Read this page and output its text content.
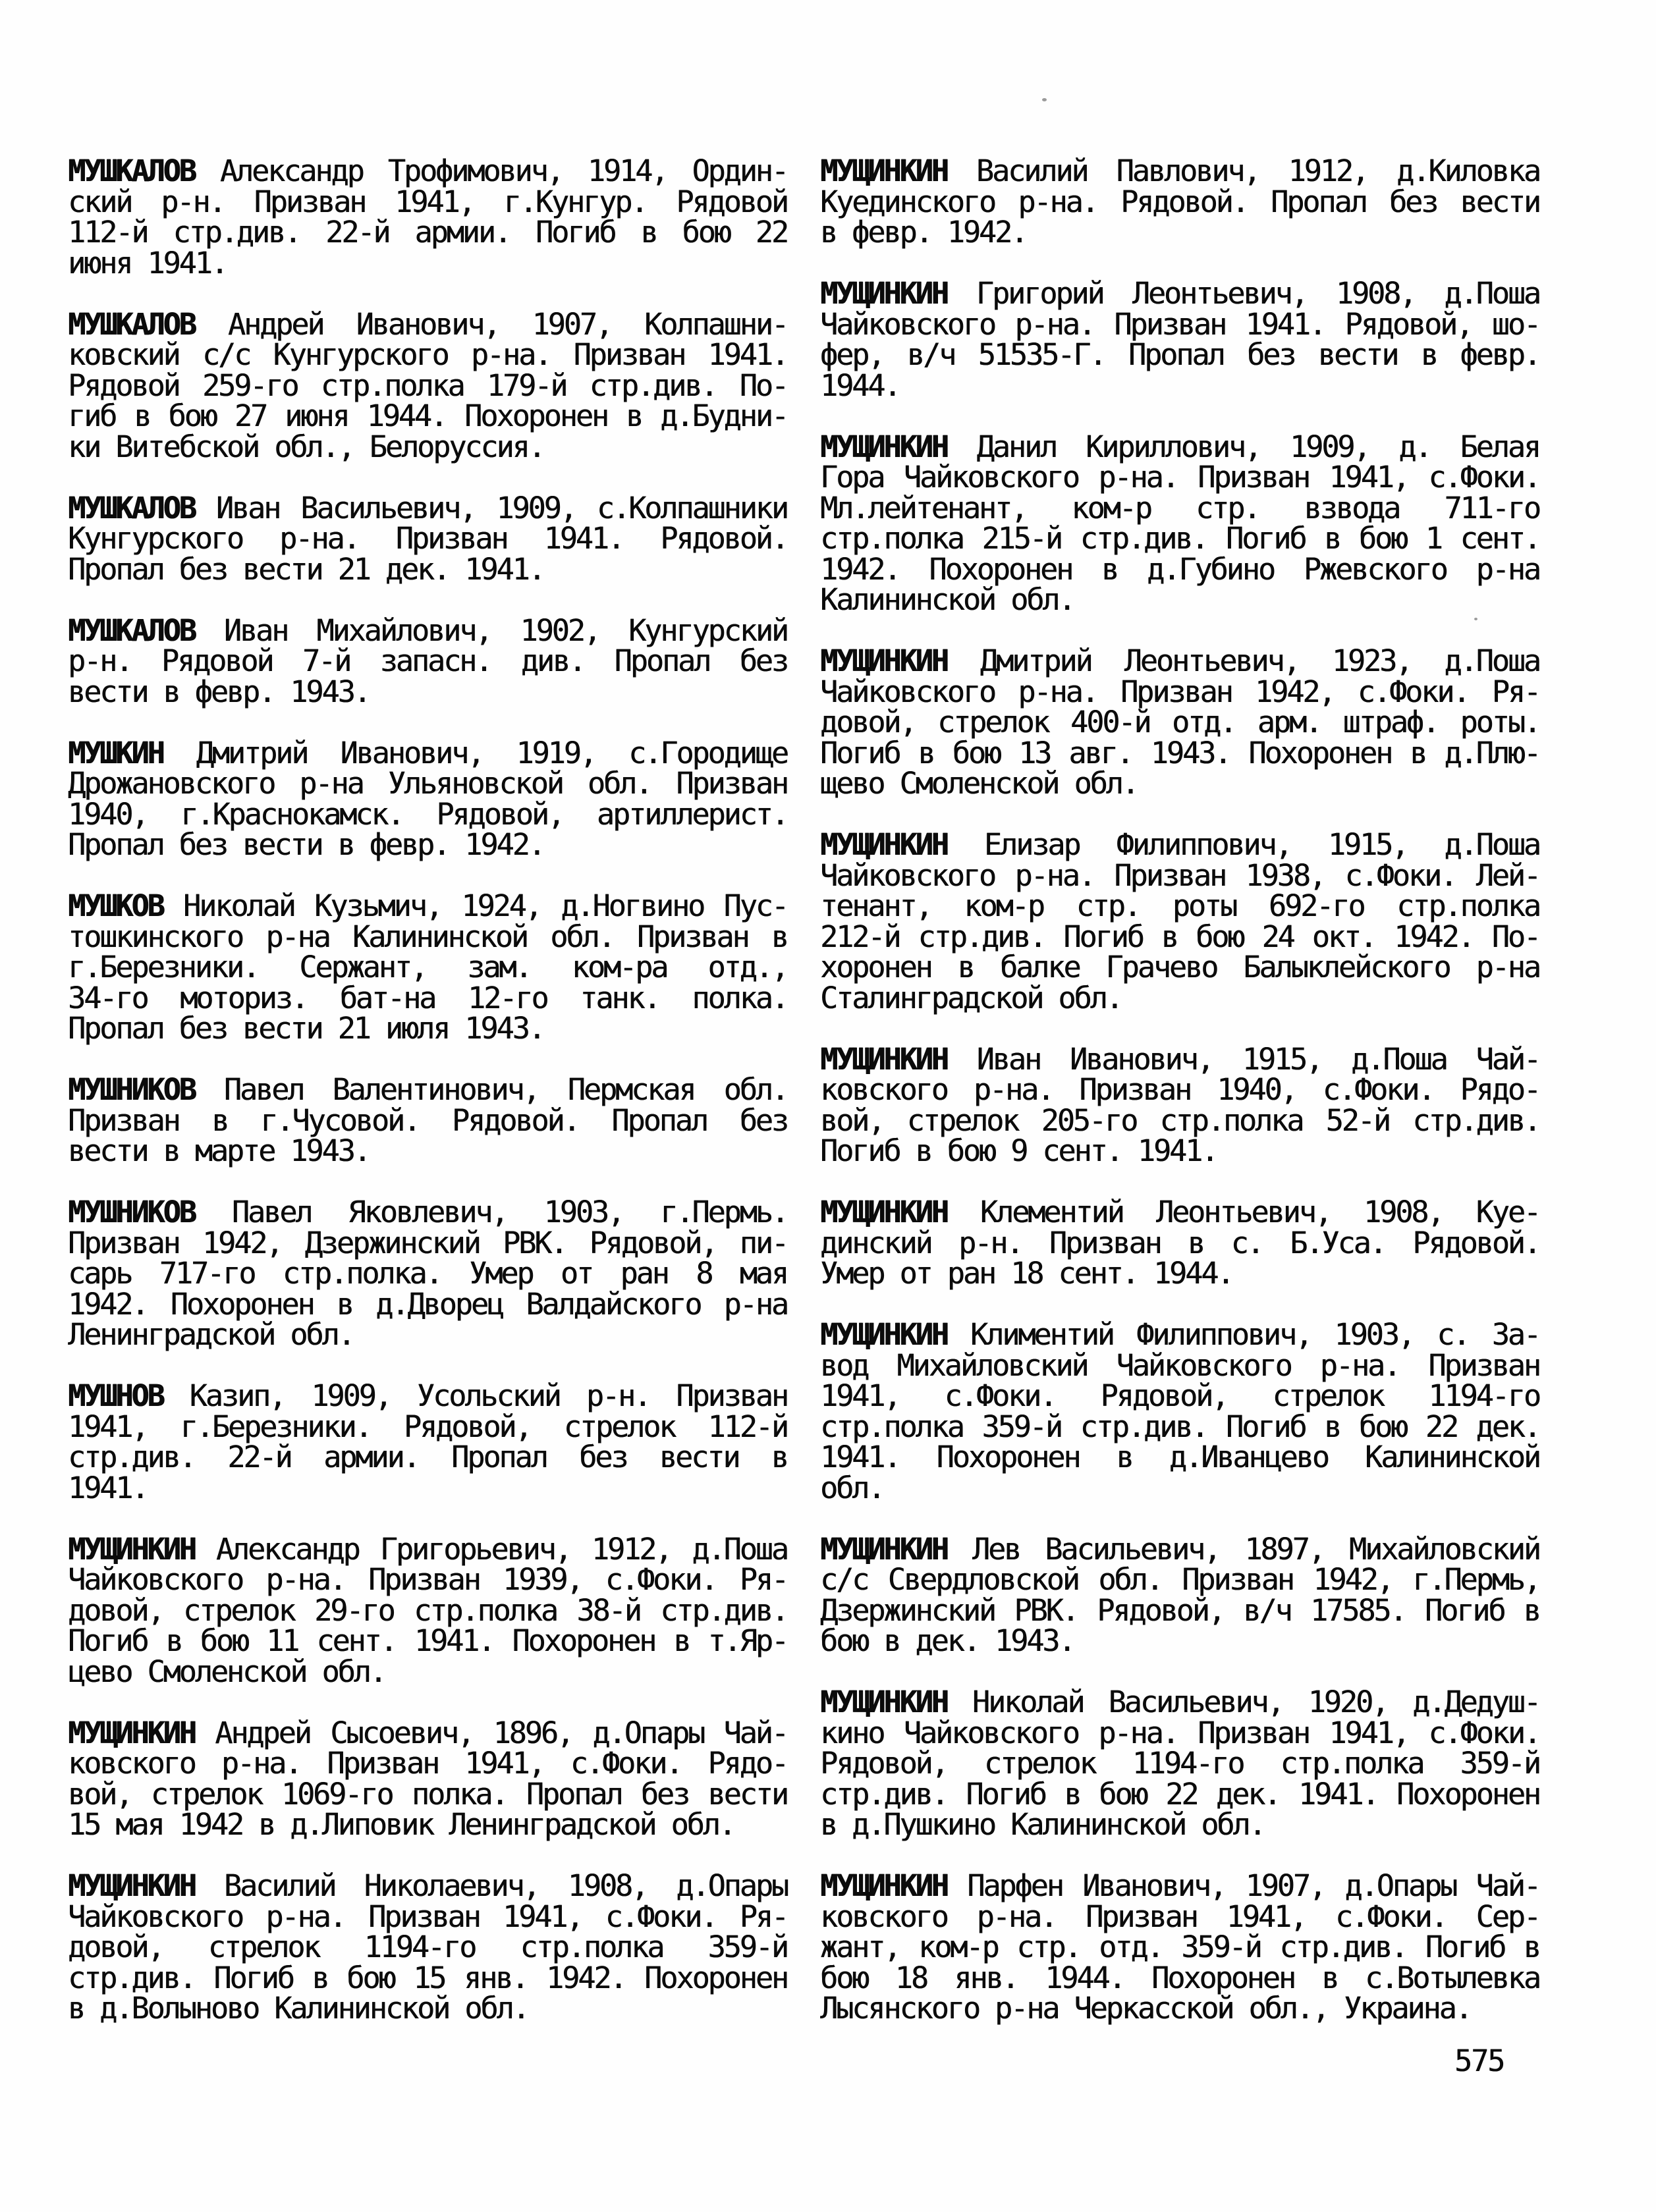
МУШКАЛОВ Александр Трофимович, 1914, Ордин-
ский р-н. Призван 1941, г.Кунгур. Рядовой
112-й стр.див. 22-й армии. Погиб в бою 22
июня 1941.
МУШКАЛОВ Андрей Иванович, 1907, Колпашни-
ковский с/с Кунгурского р-на. Призван 1941.
Рядовой 259-го стр.полка 179-й стр.див. По-
гиб в бою 27 июня 1944. Похоронен в д.Будни-
ки Витебской обл., Белоруссия.
МУШКАЛОВ Иван Васильевич, 1909, с.Колпашники
Кунгурского р-на. Призван 1941. Рядовой.
Пропал без вести 21 дек. 1941.
МУШКАЛОВ Иван Михайлович, 1902, Кунгурский
р-н. Рядовой 7-й запасн. див. Пропал без
вести в февр. 1943.
МУШКИН Дмитрий Иванович, 1919, с.Городище
Дрожановского р-на Ульяновской обл. Призван
1940, г.Краснокамск. Рядовой, артиллерист.
Пропал без вести в февр. 1942.
МУШКОВ Николай Кузьмич, 1924, д.Ногвино Пус-
тошкинского р-на Калининской обл. Призван в
г.Березники. Сержант, зам. ком-ра отд.,
34-го моториз. бат-на 12-го танк. полка.
Пропал без вести 21 июля 1943.
МУШНИКОВ Павел Валентинович, Пермская обл.
Призван в г.Чусовой. Рядовой. Пропал без
вести в марте 1943.
МУШНИКОВ Павел Яковлевич, 1903, г.Пермь.
Призван 1942, Дзержинский РВК. Рядовой, пи-
сарь 717-го стр.полка. Умер от ран 8 мая
1942. Похоронен в д.Дворец Валдайского р-на
Ленинградской обл.
МУШНОВ Казип, 1909, Усольский р-н. Призван
1941, г.Березники. Рядовой, стрелок 112-й
стр.див. 22-й армии. Пропал без вести в
1941.
МУЩИНКИН Александр Григорьевич, 1912, д.Поша
Чайковского р-на. Призван 1939, с.Фоки. Ря-
довой, стрелок 29-го стр.полка 38-й стр.див.
Погиб в бою 11 сент. 1941. Похоронен в т.Яр-
цево Смоленской обл.
МУЩИНКИН Андрей Сысоевич, 1896, д.Опары Чай-
ковского р-на. Призван 1941, с.Фоки. Рядо-
вой, стрелок 1069-го полка. Пропал без вести
15 мая 1942 в д.Липовик Ленинградской обл.
МУЩИНКИН Василий Николаевич, 1908, д.Опары
Чайковского р-на. Призван 1941, с.Фоки. Ря-
довой, стрелок 1194-го стр.полка 359-й
стр.див. Погиб в бою 15 янв. 1942. Похоронен
в д.Волыново Калининской обл.
МУЩИНКИН Василий Павлович, 1912, д.Киловка
Куединского р-на. Рядовой. Пропал без вести
в февр. 1942.
МУЩИНКИН Григорий Леонтьевич, 1908, д.Поша
Чайковского р-на. Призван 1941. Рядовой, шо-
фер, в/ч 51535-Г. Пропал без вести в февр.
1944.
МУЩИНКИН Данил Кириллович, 1909, д. Белая
Гора Чайковского р-на. Призван 1941, с.Фоки.
Мл.лейтенант, ком-р стр. взвода 711-го
стр.полка 215-й стр.див. Погиб в бою 1 сент.
1942. Похоронен в д.Губино Ржевского р-на
Калининской обл.
МУЩИНКИН Дмитрий Леонтьевич, 1923, д.Поша
Чайковского р-на. Призван 1942, с.Фоки. Ря-
довой, стрелок 400-й отд. арм. штраф. роты.
Погиб в бою 13 авг. 1943. Похоронен в д.Плю-
щево Смоленской обл.
МУЩИНКИН Елизар Филиппович, 1915, д.Поша
Чайковского р-на. Призван 1938, с.Фоки. Лей-
тенант, ком-р стр. роты 692-го стр.полка
212-й стр.див. Погиб в бою 24 окт. 1942. По-
хоронен в балке Грачево Балыклейского р-на
Сталинградской обл.
МУЩИНКИН Иван Иванович, 1915, д.Поша Чай-
ковского р-на. Призван 1940, с.Фоки. Рядо-
вой, стрелок 205-го стр.полка 52-й стр.див.
Погиб в бою 9 сент. 1941.
МУЩИНКИН Клементий Леонтьевич, 1908, Куе-
динский р-н. Призван в с. Б.Уса. Рядовой.
Умер от ран 18 сент. 1944.
МУЩИНКИН Климентий Филиппович, 1903, с. За-
вод Михайловский Чайковского р-на. Призван
1941, с.Фоки. Рядовой, стрелок 1194-го
стр.полка 359-й стр.див. Погиб в бою 22 дек.
1941. Похоронен в д.Иванцево Калининской
обл.
МУЩИНКИН Лев Васильевич, 1897, Михайловский
с/с Свердловской обл. Призван 1942, г.Пермь,
Дзержинский РВК. Рядовой, в/ч 17585. Погиб в
бою в дек. 1943.
МУЩИНКИН Николай Васильевич, 1920, д.Дедуш-
кино Чайковского р-на. Призван 1941, с.Фоки.
Рядовой, стрелок 1194-го стр.полка 359-й
стр.див. Погиб в бою 22 дек. 1941. Похоронен
в д.Пушкино Калининской обл.
МУЩИНКИН Парфен Иванович, 1907, д.Опары Чай-
ковского р-на. Призван 1941, с.Фоки. Сер-
жант, ком-р стр. отд. 359-й стр.див. Погиб в
бою 18 янв. 1944. Похоронен в с.Вотылевка
Лысянского р-на Черкасской обл., Украина.
575
